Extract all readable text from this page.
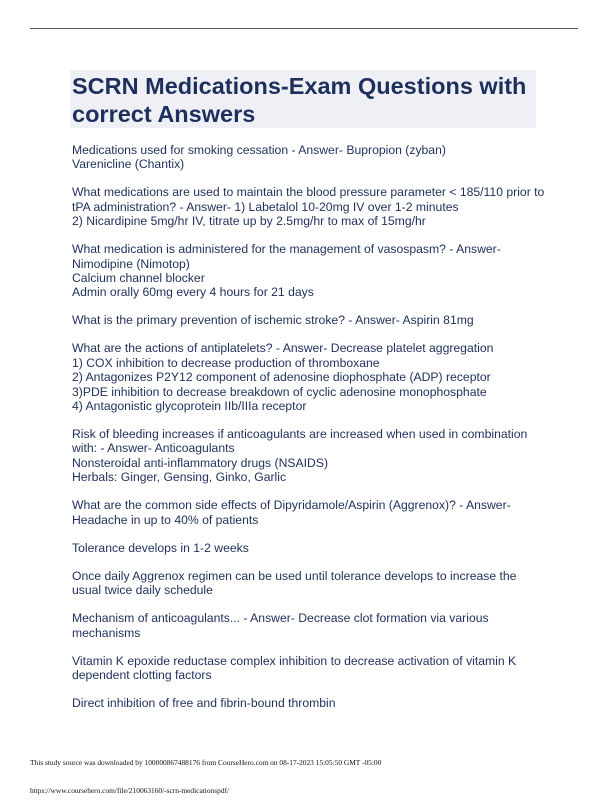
SCRN Medications-Exam Questions with
correct Answers
Medications used for smoking cessation - Answer- Bupropion (zyban)
Varenicline (Chantix)
What medications are used to maintain the blood pressure parameter < 185/110 prior to
tPA administration? - Answer- 1) Labetalol 10-20mg IV over 1-2 minutes
2) Nicardipine 5mg/hr IV, titrate up by 2.5mg/hr to max of 15mg/hr
What medication is administered for the management of vasospasm? - Answer-
Nimodipine (Nimotop)
Calcium channel blocker
Admin orally 60mg every 4 hours for 21 days
What is the primary prevention of ischemic stroke? - Answer- Aspirin 81mg
What are the actions of antiplatelets? - Answer- Decrease platelet aggregation
1) COX inhibition to decrease production of thromboxane
2) Antagonizes P2Y12 component of adenosine diophosphate (ADP) receptor
3)PDE inhibition to decrease breakdown of cyclic adenosine monophosphate
4) Antagonistic glycoprotein IIb/IIIa receptor
Risk of bleeding increases if anticoagulants are increased when used in combination
with: - Answer- Anticoagulants
Nonsteroidal anti-inflammatory drugs (NSAIDS)
Herbals: Ginger, Gensing, Ginko, Garlic
What are the common side effects of Dipyridamole/Aspirin (Aggrenox)? - Answer-
Headache in up to 40% of patients
Tolerance develops in 1-2 weeks
Once daily Aggrenox regimen can be used until tolerance develops to increase the
usual twice daily schedule
Mechanism of anticoagulants... - Answer- Decrease clot formation via various
mechanisms
Vitamin K epoxide reductase complex inhibition to decrease activation of vitamin K
dependent clotting factors
Direct inhibition of free and fibrin-bound thrombin
This study source was downloaded by 100000867488176 from CourseHero.com on 08-17-2023 15:05:50 GMT -05:00
https://www.coursehero.com/file/210063160/-scrn-medicationspdf/
